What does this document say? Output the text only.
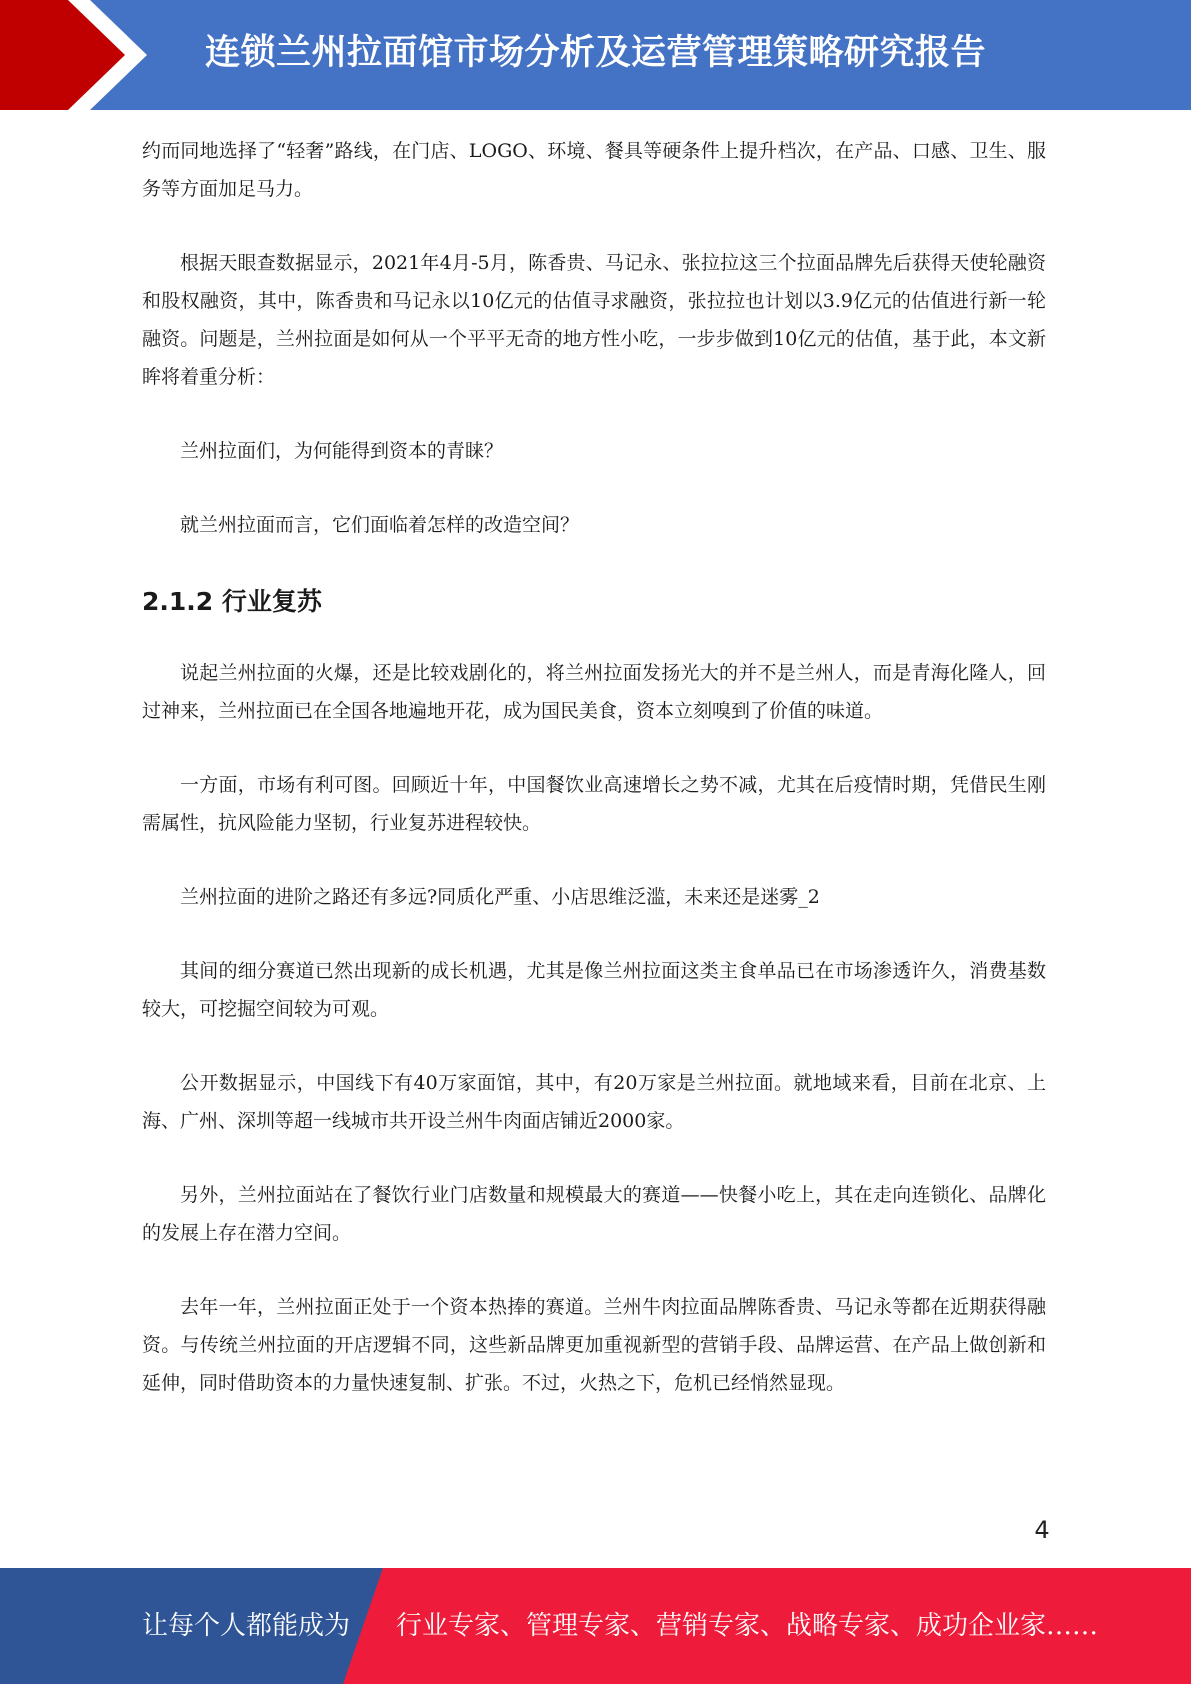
连锁兰州拉面馆市场分析及运营管理策略研究报告

约而同地选择了“轻奢”路线，在门店、LOGO、环境、餐具等硬条件上提升档次，在产品、口感、卫生、服务等方面加足马力。

根据天眼查数据显示，2021年4月-5月，陈香贵、马记永、张拉拉这三个拉面品牌先后获得天使轮融资和股权融资，其中，陈香贵和马记永以10亿元的估值寻求融资，张拉拉也计划以3.9亿元的估值进行新一轮融资。问题是，兰州拉面是如何从一个平平无奇的地方性小吃，一步步做到10亿元的估值，基于此，本文新眸将着重分析：

兰州拉面们，为何能得到资本的青睐？

就兰州拉面而言，它们面临着怎样的改造空间？

2.1.2 行业复苏

说起兰州拉面的火爆，还是比较戏剧化的，将兰州拉面发扬光大的并不是兰州人，而是青海化隆人，回过神来，兰州拉面已在全国各地遍地开花，成为国民美食，资本立刻嗅到了价值的味道。

一方面，市场有利可图。回顾近十年，中国餐饮业高速增长之势不减，尤其在后疫情时期，凭借民生刚需属性，抗风险能力坚韧，行业复苏进程较快。

兰州拉面的进阶之路还有多远?同质化严重、小店思维泛滥，未来还是迷雾_2

其间的细分赛道已然出现新的成长机遇，尤其是像兰州拉面这类主食单品已在市场渗透许久，消费基数较大，可挖掘空间较为可观。

公开数据显示，中国线下有40万家面馆，其中，有20万家是兰州拉面。就地域来看，目前在北京、上海、广州、深圳等超一线城市共开设兰州牛肉面店铺近2000家。

另外，兰州拉面站在了餐饮行业门店数量和规模最大的赛道——快餐小吃上，其在走向连锁化、品牌化的发展上存在潜力空间。

去年一年，兰州拉面正处于一个资本热捧的赛道。兰州牛肉拉面品牌陈香贵、马记永等都在近期获得融资。与传统兰州拉面的开店逻辑不同，这些新品牌更加重视新型的营销手段、品牌运营、在产品上做创新和延伸，同时借助资本的力量快速复制、扩张。不过，火热之下，危机已经悄然显现。

4
让每个人都能成为 行业专家、管理专家、营销专家、战略专家、成功企业家……
